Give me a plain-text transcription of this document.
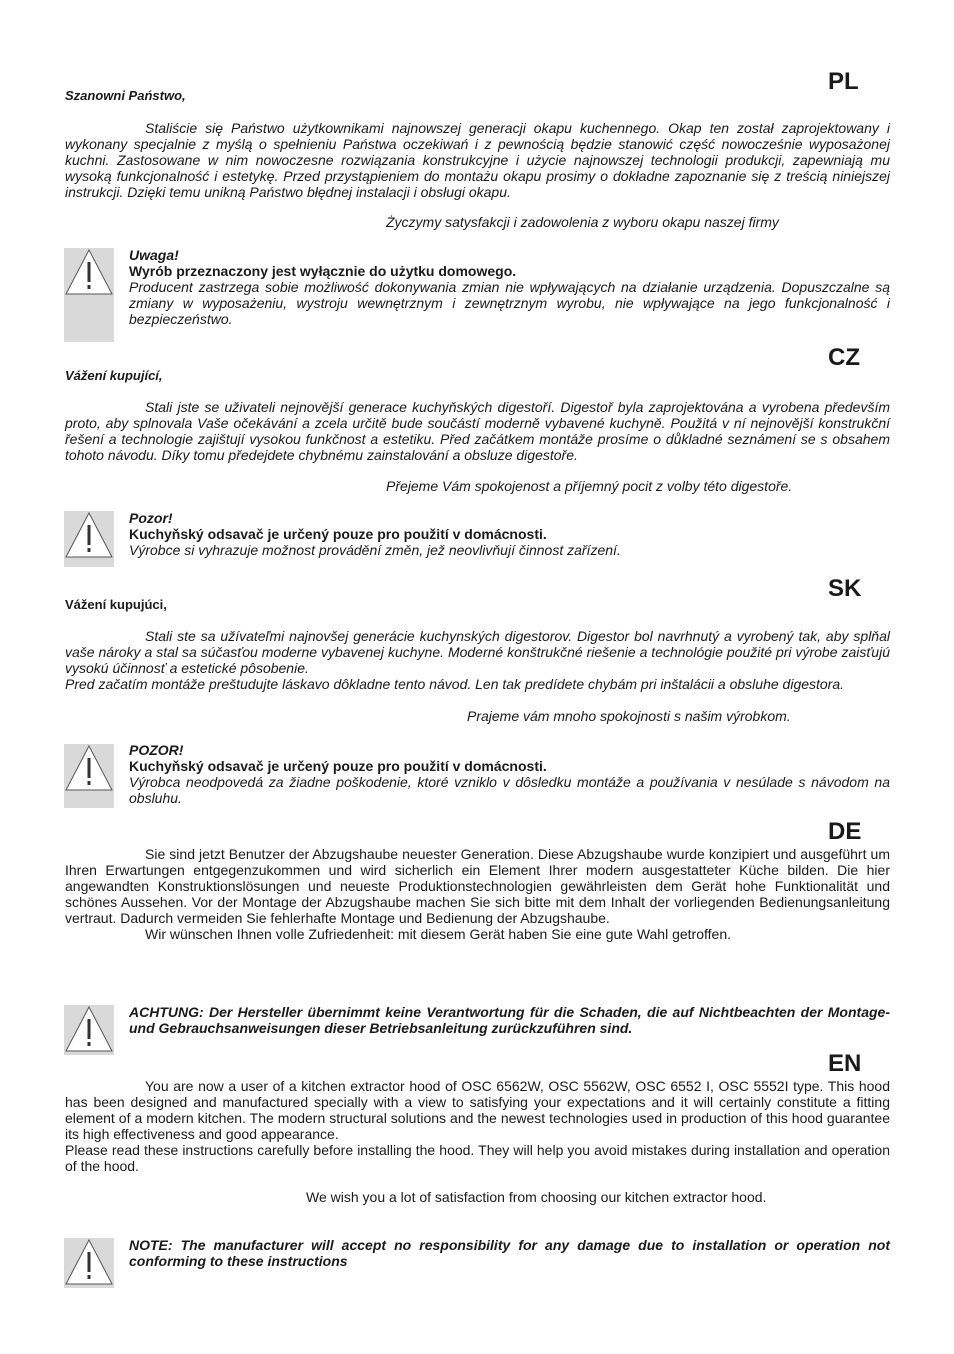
PL
Szanowni Państwo,
Staliście się Państwo użytkownikami najnowszej generacji okapu kuchennego. Okap ten został zaprojektowany i wykonany specjalnie z myślą o spełnieniu Państwa oczekiwań i z pewnością będzie stanowić część nowocześnie wyposażonej kuchni. Zastosowane w nim nowoczesne rozwiązania konstrukcyjne i użycie najnowszej technologii produkcji, zapewniają mu wysoką funkcjonalność i estetykę. Przed przystąpieniem do montażu okapu prosimy o dokładne zapoznanie się z treścią niniejszej instrukcji. Dzięki temu unikną Państwo błędnej instalacji i obsługi okapu.
Życzymy satysfakcji i zadowolenia z wyboru okapu naszej firmy
Uwaga!
Wyrób przeznaczony jest wyłącznie do użytku domowego.
Producent zastrzega sobie możliwość dokonywania zmian nie wpływających na działanie urządzenia. Dopuszczalne są zmiany w wyposażeniu, wystroju wewnętrznym i zewnętrznym wyrobu, nie wpływające na jego funkcjonalność i bezpieczeństwo.
CZ
Vážení kupující,
Stali jste se uživateli nejnovější generace kuchyňských digestoří. Digestoř byla zaprojektována a vyrobena především proto, aby splnovala Vaše očekávání a zcela určitě bude součástí moderně vybavené kuchyně. Použitá v ní nejnovější konstrukční řešení a technologie zajištují vysokou funkčnost a estetiku. Před začátkem montáže prosíme o důkladné seznámení se s obsahem tohoto návodu. Díky tomu předejdete chybnému zainstalování a obsluze digestoře.
Přejeme Vám spokojenost a příjemný pocit z volby této digestoře.
Pozor!
Kuchyňský odsavač je určený pouze pro použití v domácnosti.
Výrobce si vyhrazuje možnost provádění změn, jež neovlivňují činnost zařízení.
SK
Vážení kupujúci,

Stali ste sa užívateľmi najnovšej generácie kuchynských digestorov. Digestor bol navrhnutý a vyrobený tak, aby splňal vaše nároky a stal sa súčasťou moderne vybavenej kuchyne. Moderné konštrukčné riešenie a technológie použité pri výrobe zaisťujú vysokú účinnosť a estetické pôsobenie.

Pred začatím montáže preštudujte láskavo dôkladne tento návod. Len tak predídete chybám pri inštalácii a obsluhe digestora.

Prajeme vám mnoho spokojnosti s našim výrobkom.
POZOR!
Kuchyňský odsavač je určený pouze pro použití v domácnosti.
Výrobca neodpovedá za žiadne poškodenie, ktoré vzniklo v dôsledku montáže a používania v nesúlade s návodom na obsluhu.
DE

Sie sind jetzt Benutzer der Abzugshaube neuester Generation. Diese Abzugshaube wurde konzipiert und ausgeführt um Ihren Erwartungen entgegenzukommen und wird sicherlich ein Element Ihrer modern ausgestatteter Küche bilden. Die hier angewandten Konstruktionslösungen und neueste Produktionstechnologien gewährleisten dem Gerät hohe Funktionalität und schönes Aussehen. Vor der Montage der Abzugshaube machen Sie sich bitte mit dem Inhalt der vorliegenden Bedienungsanleitung vertraut. Dadurch vermeiden Sie fehlerhafte Montage und Bedienung der Abzugshaube.

Wir wünschen Ihnen volle Zufriedenheit: mit diesem Gerät haben Sie eine gute Wahl getroffen.

ACHTUNG: Der Hersteller übernimmt keine Verantwortung für die Schaden, die auf Nichtbeachten der Montage- und Gebrauchsanweisungen dieser Betriebsanleitung zurückzuführen sind.
EN

You are now a user of a kitchen extractor hood of OSC 6562W, OSC 5562W, OSC 6552 I, OSC 5552I type. This hood has been designed and manufactured specially with a view to satisfying your expectations and it will certainly constitute a fitting element of a modern kitchen. The modern structural solutions and the newest technologies used in production of this hood guarantee its high effectiveness and good appearance.

Please read these instructions carefully before installing the hood. They will help you avoid mistakes during installation and operation of the hood.

We wish you a lot of satisfaction from choosing our kitchen extractor hood.
NOTE: The manufacturer will accept no responsibility for any damage due to installation or operation not conforming to these instructions
